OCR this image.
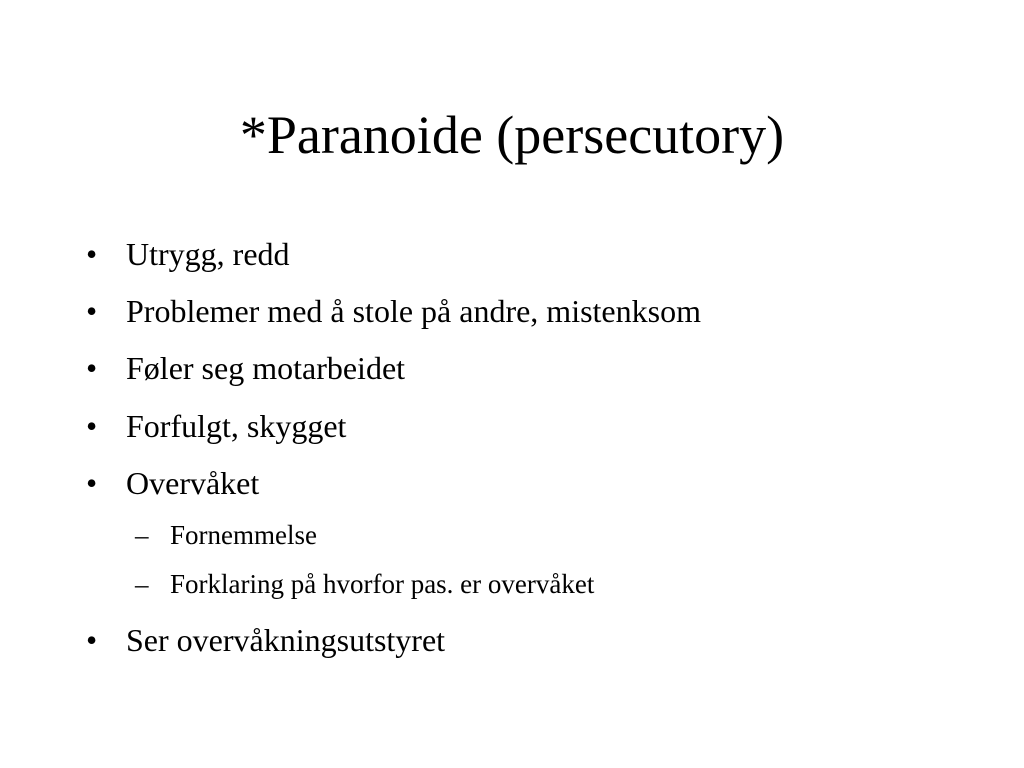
*Paranoide (persecutory)
• Utrygg, redd
• Problemer med å stole på andre, mistenksom
• Føler seg motarbeidet
• Forfulgt, skygget
• Overvåket
– Fornemmelse
– Forklaring på hvorfor pas. er overvåket
• Ser overvåkningsutstyret
